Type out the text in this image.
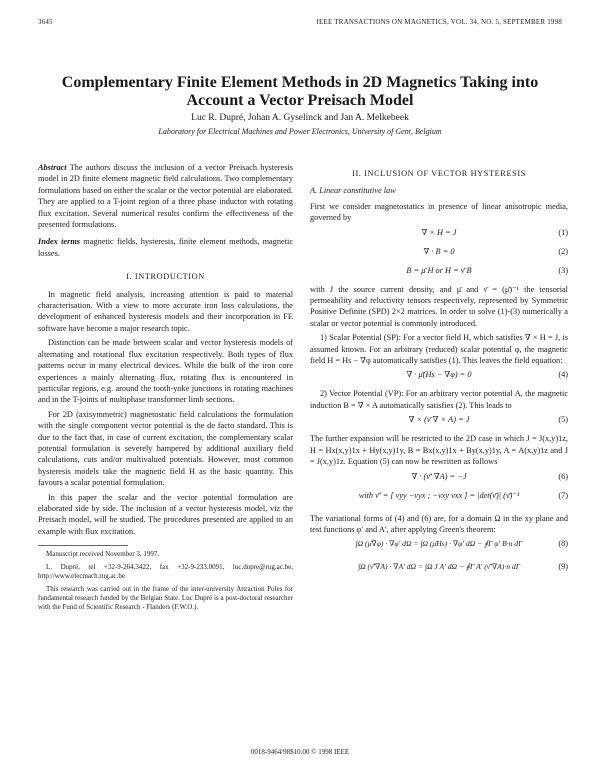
3645	IEEE TRANSACTIONS ON MAGNETICS, VOL. 34, NO. 5, SEPTEMBER 1998
Complementary Finite Element Methods in 2D Magnetics Taking into Account a Vector Preisach Model
Luc R. Dupré, Johan A. Gyselinck and Jan A. Melkebeek
Laboratory for Electrical Machines and Power Electronics, University of Gent, Belgium
Abstract The authors discuss the inclusion of a vector Preisach hysteresis model in 2D finite element magnetic field calculations. Two complementary formulations based on either the scalar or the vector potential are elaborated. They are applied to a T-joint region of a three phase inductor with rotating flux excitation. Several numerical results confirm the effectiveness of the presented formulations.
Index terms magnetic fields, hysteresis, finite element methods, magnetic losses.
I. INTRODUCTION

In magnetic field analysis, increasing attention is paid to material characterisation. With a view to more accurate iron loss calculations, the development of enhanced hysteresis models and their incorporation in FE software have become a major research topic.

Distinction can be made between scalar and vector hysteresis models of alternating and rotational flux excitation respectively. Both types of flux patterns occur in many electrical devices. While the bulk of the iron core experiences a mainly alternating flux, rotating flux is encountered in particular regions, e.g. around the tooth-yoke junctions in rotating machines and in the T-joints of multiphase transformer limb sections.

For 2D (axisymmetric) magnetostatic field calculations the formulation with the single component vector potential is the de facto standard. This is due to the fact that, in case of current excitation, the complementary scalar potential formulation is severely hampered by additional auxiliary field calculations, cuts and/or multivalued potentials. However, most common hysteresis models take the magnetic field H as the basic quantity. This favours a scalar potential formulation.

In this paper the scalar and the vector potential formulation are elaborated side by side. The inclusion of a vector hysteresis model, viz the Preisach model, will be studied. The procedures presented are applied to an example with flux excitation.

Manuscript received November 3, 1997.
L. Dupré, tel +32-9-264.3422, fax +32-9-233.0091, luc.dupre@rug.ac.be, http://www.elecmach.rug.ac.be
This research was carried out in the frame of the inter-university Attraction Poles for fundamental research funded by the Belgian State. Luc Dupré is a post-doctoral researcher with the Fund of Scientific Research - Flanders (F.W.O.).
II. INCLUSION OF VECTOR HYSTERESIS
A. Linear constitutive law

First we consider magnetostatics in presence of linear anisotropic media, governed by

∇ × H = J	(1)
∇ · B = 0	(2)
B = μ̄ H or H = ν̄ B	(3)

with J the source current density, and μ̄ and ν̄ = (μ̄)⁻¹ the tensorial permeability and reluctivity tensors respectively, represented by Symmetric Positive Definite (SPD) 2×2 matrices. In order to solve (1)-(3) numerically a scalar or vector potential is commonly introduced.

1) Scalar Potential (SP): For a vector field H, which satisfies ∇ × H = J, is assumed known. For an arbitrary (reduced) scalar potential φ, the magnetic field H = Hs − ∇φ automatically satisfies (1). This leaves the field equation:

∇ · μ̄(Hs − ∇φ) = 0	(4)

2) Vector Potential (VP): For an arbitrary vector potential A, the magnetic induction B = ∇ × A automatically satisfies (2). This leads to

∇ × (ν̄ ∇ × A) = J	(5)

The further expansion will be restricted to the 2D case in which J = J(x,y)1z, H = Hx(x,y)1x + Hy(x,y)1y, B = Bx(x,y)1x + By(x,y)1y, A = A(x,y)1z and J = J(x,y)1z. Equation (5) can now be rewritten as follows

∇ · (ν̄′ ∇A) = −J	(6)
with ν̄′ = [ νyy −νyx ; −νxy νxx ] = |det(ν̄)| (ν̄)⁻¹	(7)

The variational forms of (4) and (6) are, for a domain Ω in the xy plane and test functions φ′ and A′, after applying Green's theorem:

∫Ω (μ̄∇φ) · ∇φ′ dΩ = ∫Ω (μ̄Hs) · ∇φ′ dΩ − ∮Γ φ′ B·n dΓ	(8)
∫Ω (ν̄′∇A) · ∇A′ dΩ = ∫Ω J A′ dΩ − ∮Γ A′ (ν̄′∇A)·n dΓ	(9)
0018-9464/98$10.00 © 1998 IEEE
